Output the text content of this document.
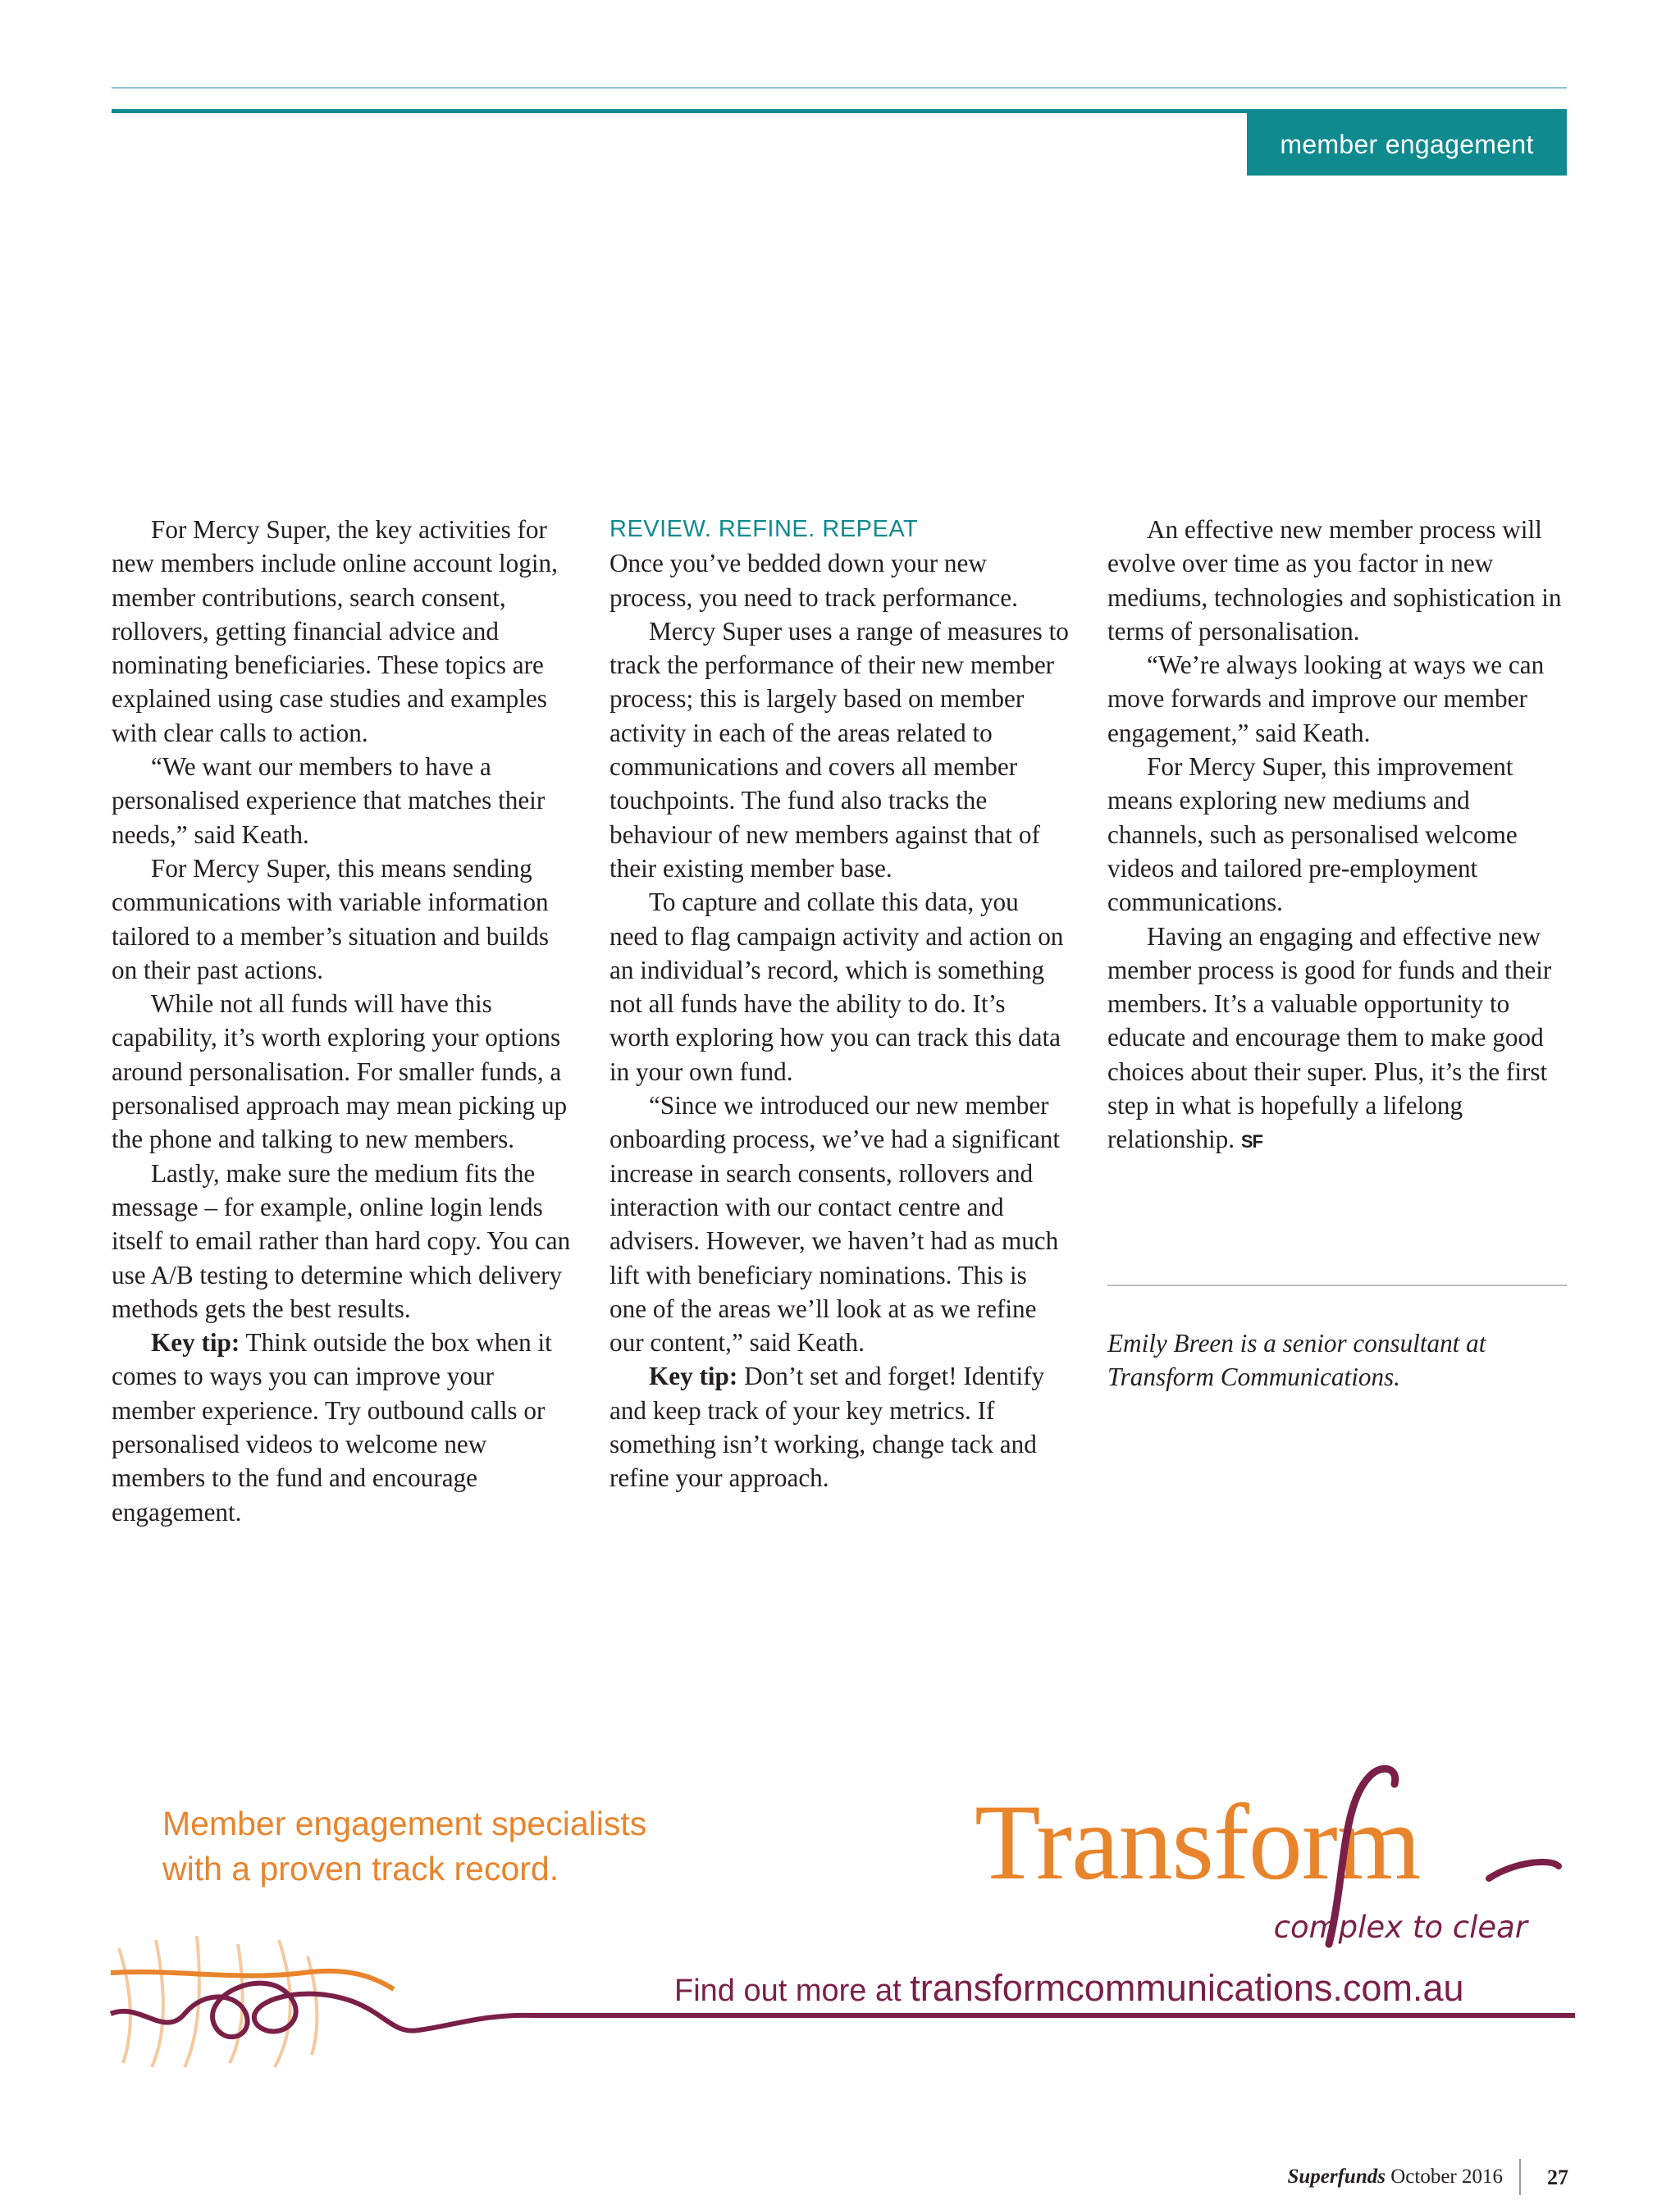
member engagement

For Mercy Super, the key activities for new members include online account login, member contributions, search consent, rollovers, getting financial advice and nominating beneficiaries. These topics are explained using case studies and examples with clear calls to action.

“We want our members to have a personalised experience that matches their needs,” said Keath.

For Mercy Super, this means sending communications with variable information tailored to a member’s situation and builds on their past actions.

While not all funds will have this capability, it’s worth exploring your options around personalisation. For smaller funds, a personalised approach may mean picking up the phone and talking to new members.

Lastly, make sure the medium fits the message – for example, online login lends itself to email rather than hard copy. You can use A/B testing to determine which delivery methods gets the best results.

Key tip: Think outside the box when it comes to ways you can improve your member experience. Try outbound calls or personalised videos to welcome new members to the fund and encourage engagement.

REVIEW. REFINE. REPEAT

Once you’ve bedded down your new process, you need to track performance.

Mercy Super uses a range of measures to track the performance of their new member process; this is largely based on member activity in each of the areas related to communications and covers all member touchpoints. The fund also tracks the behaviour of new members against that of their existing member base.

To capture and collate this data, you need to flag campaign activity and action on an individual’s record, which is something not all funds have the ability to do. It’s worth exploring how you can track this data in your own fund.

“Since we introduced our new member onboarding process, we’ve had a significant increase in search consents, rollovers and interaction with our contact centre and advisers. However, we haven’t had as much lift with beneficiary nominations. This is one of the areas we’ll look at as we refine our content,” said Keath.

Key tip: Don’t set and forget! Identify and keep track of your key metrics. If something isn’t working, change tack and refine your approach.

An effective new member process will evolve over time as you factor in new mediums, technologies and sophistication in terms of personalisation.

“We’re always looking at ways we can move forwards and improve our member engagement,” said Keath.

For Mercy Super, this improvement means exploring new mediums and channels, such as personalised welcome videos and tailored pre-employment communications.

Having an engaging and effective new member process is good for funds and their members. It’s a valuable opportunity to educate and encourage them to make good choices about their super. Plus, it’s the first step in what is hopefully a lifelong relationship. SF

Emily Breen is a senior consultant at Transform Communications.
Member engagement specialists
with a proven track record.	Transform
complex to clear
Find out more at transformcommunications.com.au
Superfunds October 2016 27
